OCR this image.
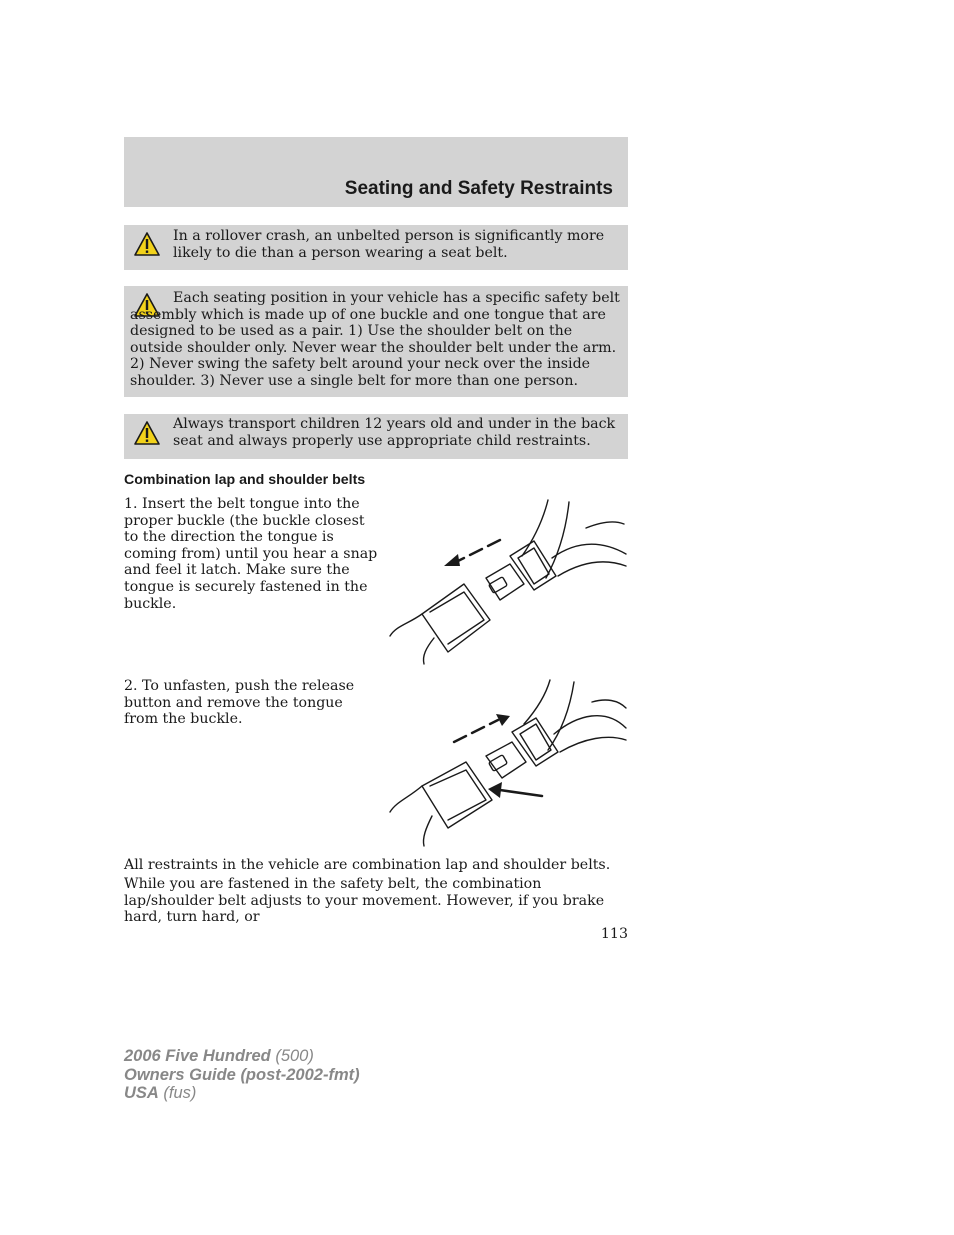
Seating and Safety Restraints
In a rollover crash, an unbelted person is significantly more likely to die than a person wearing a seat belt.
Each seating position in your vehicle has a specific safety belt assembly which is made up of one buckle and one tongue that are designed to be used as a pair. 1) Use the shoulder belt on the outside shoulder only. Never wear the shoulder belt under the arm. 2) Never swing the safety belt around your neck over the inside shoulder. 3) Never use a single belt for more than one person.
Always transport children 12 years old and under in the back seat and always properly use appropriate child restraints.
Combination lap and shoulder belts
1. Insert the belt tongue into the proper buckle (the buckle closest to the direction the tongue is coming from) until you hear a snap and feel it latch. Make sure the tongue is securely fastened in the buckle.
2. To unfasten, push the release button and remove the tongue from the buckle.
All restraints in the vehicle are combination lap and shoulder belts.
While you are fastened in the safety belt, the combination lap/shoulder belt adjusts to your movement. However, if you brake hard, turn hard, or
113
2006 Five Hundred (500)
Owners Guide (post-2002-fmt)
USA (fus)
